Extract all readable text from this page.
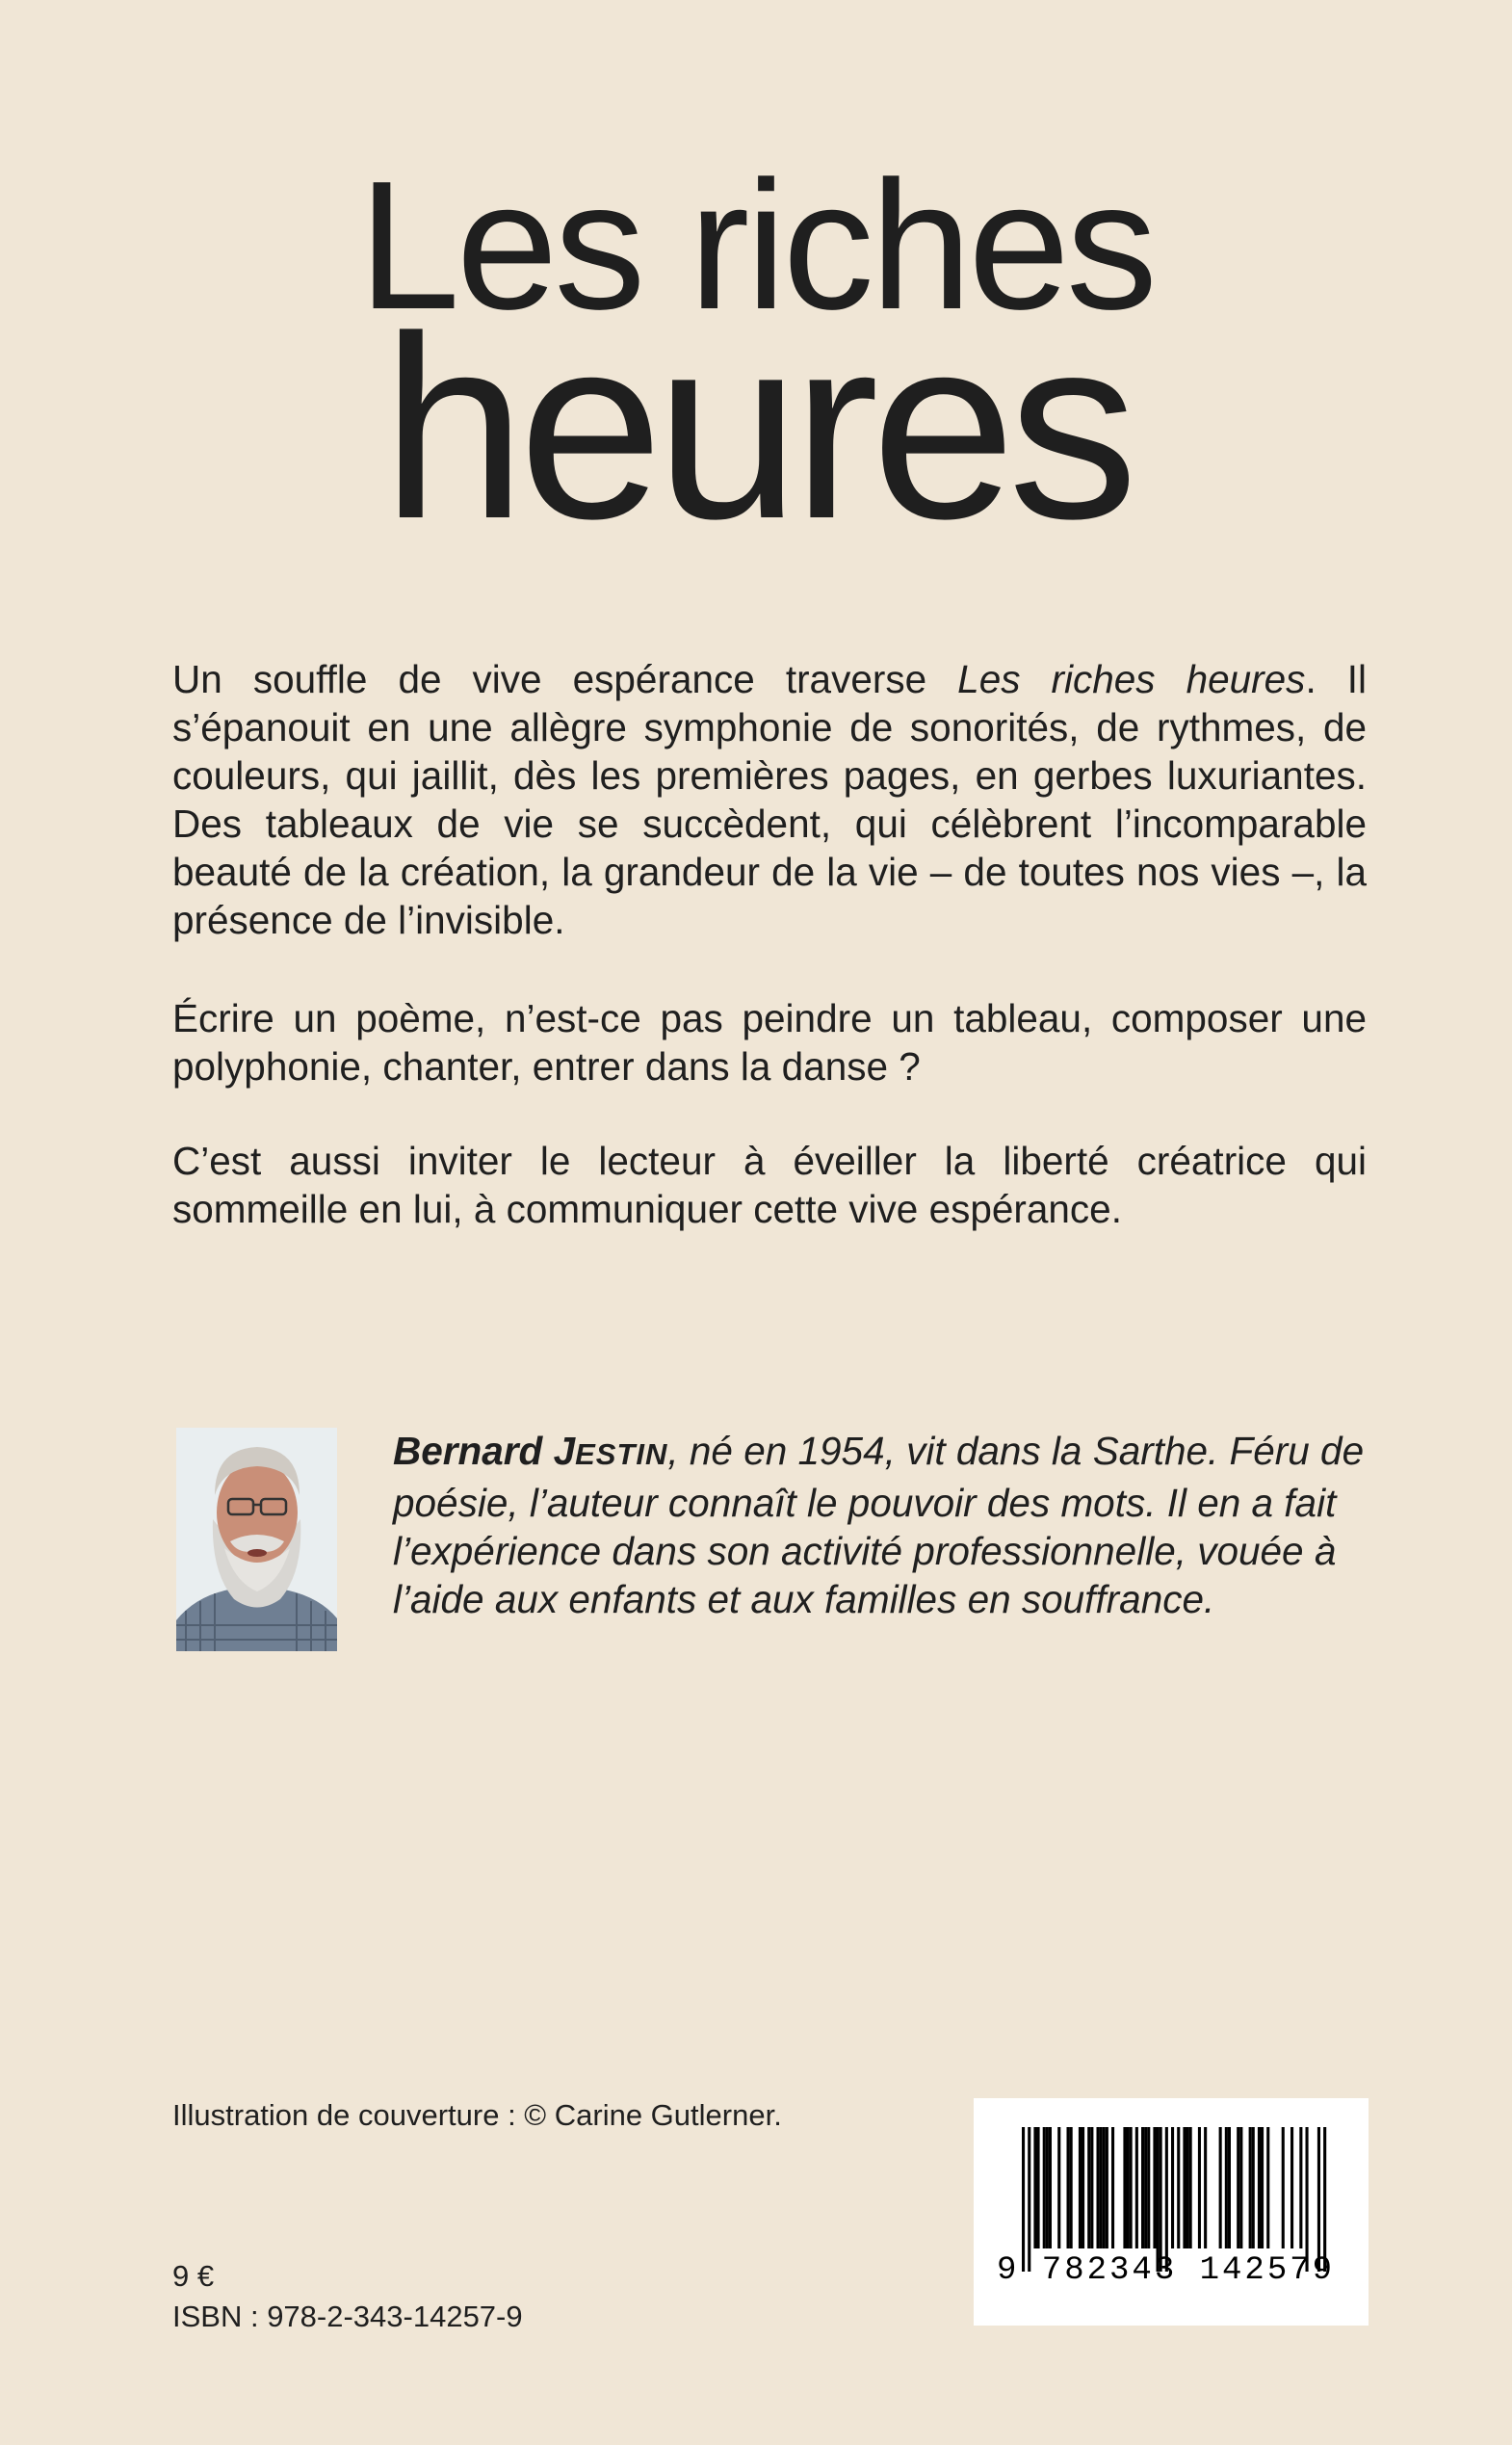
Les riches
heures

Un souffle de vive espérance traverse Les riches heures. Il s’épanouit en une allègre symphonie de sonorités, de rythmes, de couleurs, qui jaillit, dès les premières pages, en gerbes luxuriantes. Des tableaux de vie se succèdent, qui célèbrent l’incomparable beauté de la création, la grandeur de la vie – de toutes nos vies –, la présence de l’invisible.

Écrire un poème, n’est-ce pas peindre un tableau, composer une polyphonie, chanter, entrer dans la danse ?

C’est aussi inviter le lecteur à éveiller la liberté créatrice qui sommeille en lui, à communiquer cette vive espérance.

Bernard JESTIN, né en 1954, vit dans la Sarthe. Féru de poésie, l’auteur connaît le pouvoir des mots. Il en a fait l’expérience dans son activité professionnelle, vouée à l’aide aux enfants et aux familles en souffrance.

Illustration de couverture : © Carine Gutlerner.
9 €
ISBN : 978-2-343-14257-9
9 782343 142579
